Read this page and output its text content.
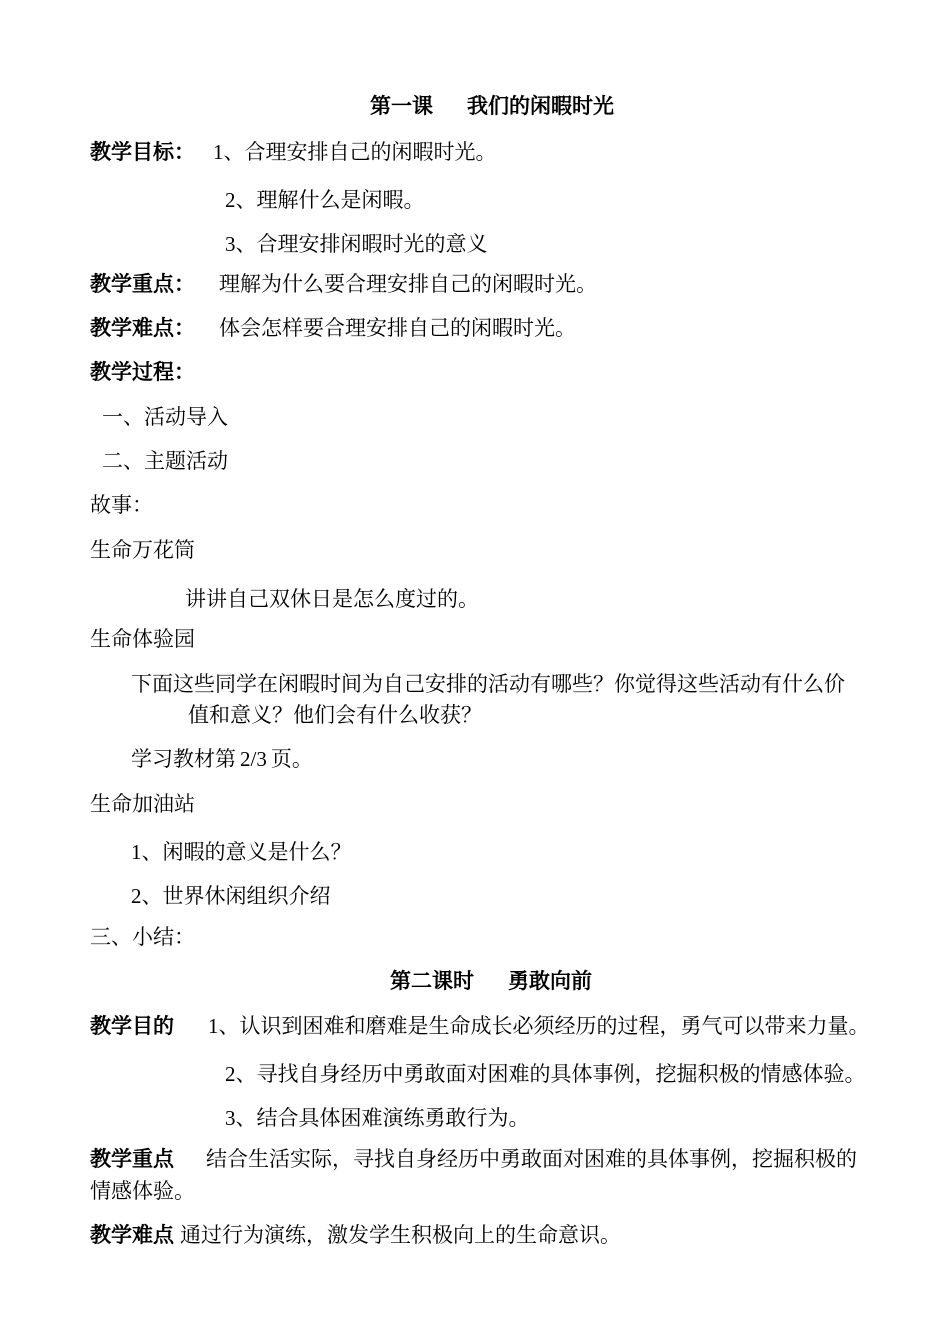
第一课 我们的闲暇时光
教学目标： 1、合理安排自己的闲暇时光。
2、理解什么是闲暇。
3、合理安排闲暇时光的意义
教学重点： 理解为什么要合理安排自己的闲暇时光。
教学难点： 体会怎样要合理安排自己的闲暇时光。
教学过程：
一、活动导入
二、主题活动
故事：
生命万花筒
讲讲自己双休日是怎么度过的。
生命体验园
下面这些同学在闲暇时间为自己安排的活动有哪些？你觉得这些活动有什么价
值和意义？他们会有什么收获？
学习教材第 2/3 页。
生命加油站
1、闲暇的意义是什么？
2、世界休闲组织介绍
三、小结：
第二课时 勇敢向前
教学目的 1、认识到困难和磨难是生命成长必须经历的过程，勇气可以带来力量。
2、寻找自身经历中勇敢面对困难的具体事例，挖掘积极的情感体验。
3、结合具体困难演练勇敢行为。
教学重点 结合生活实际，寻找自身经历中勇敢面对困难的具体事例，挖掘积极的
情感体验。
教学难点 通过行为演练，激发学生积极向上的生命意识。
